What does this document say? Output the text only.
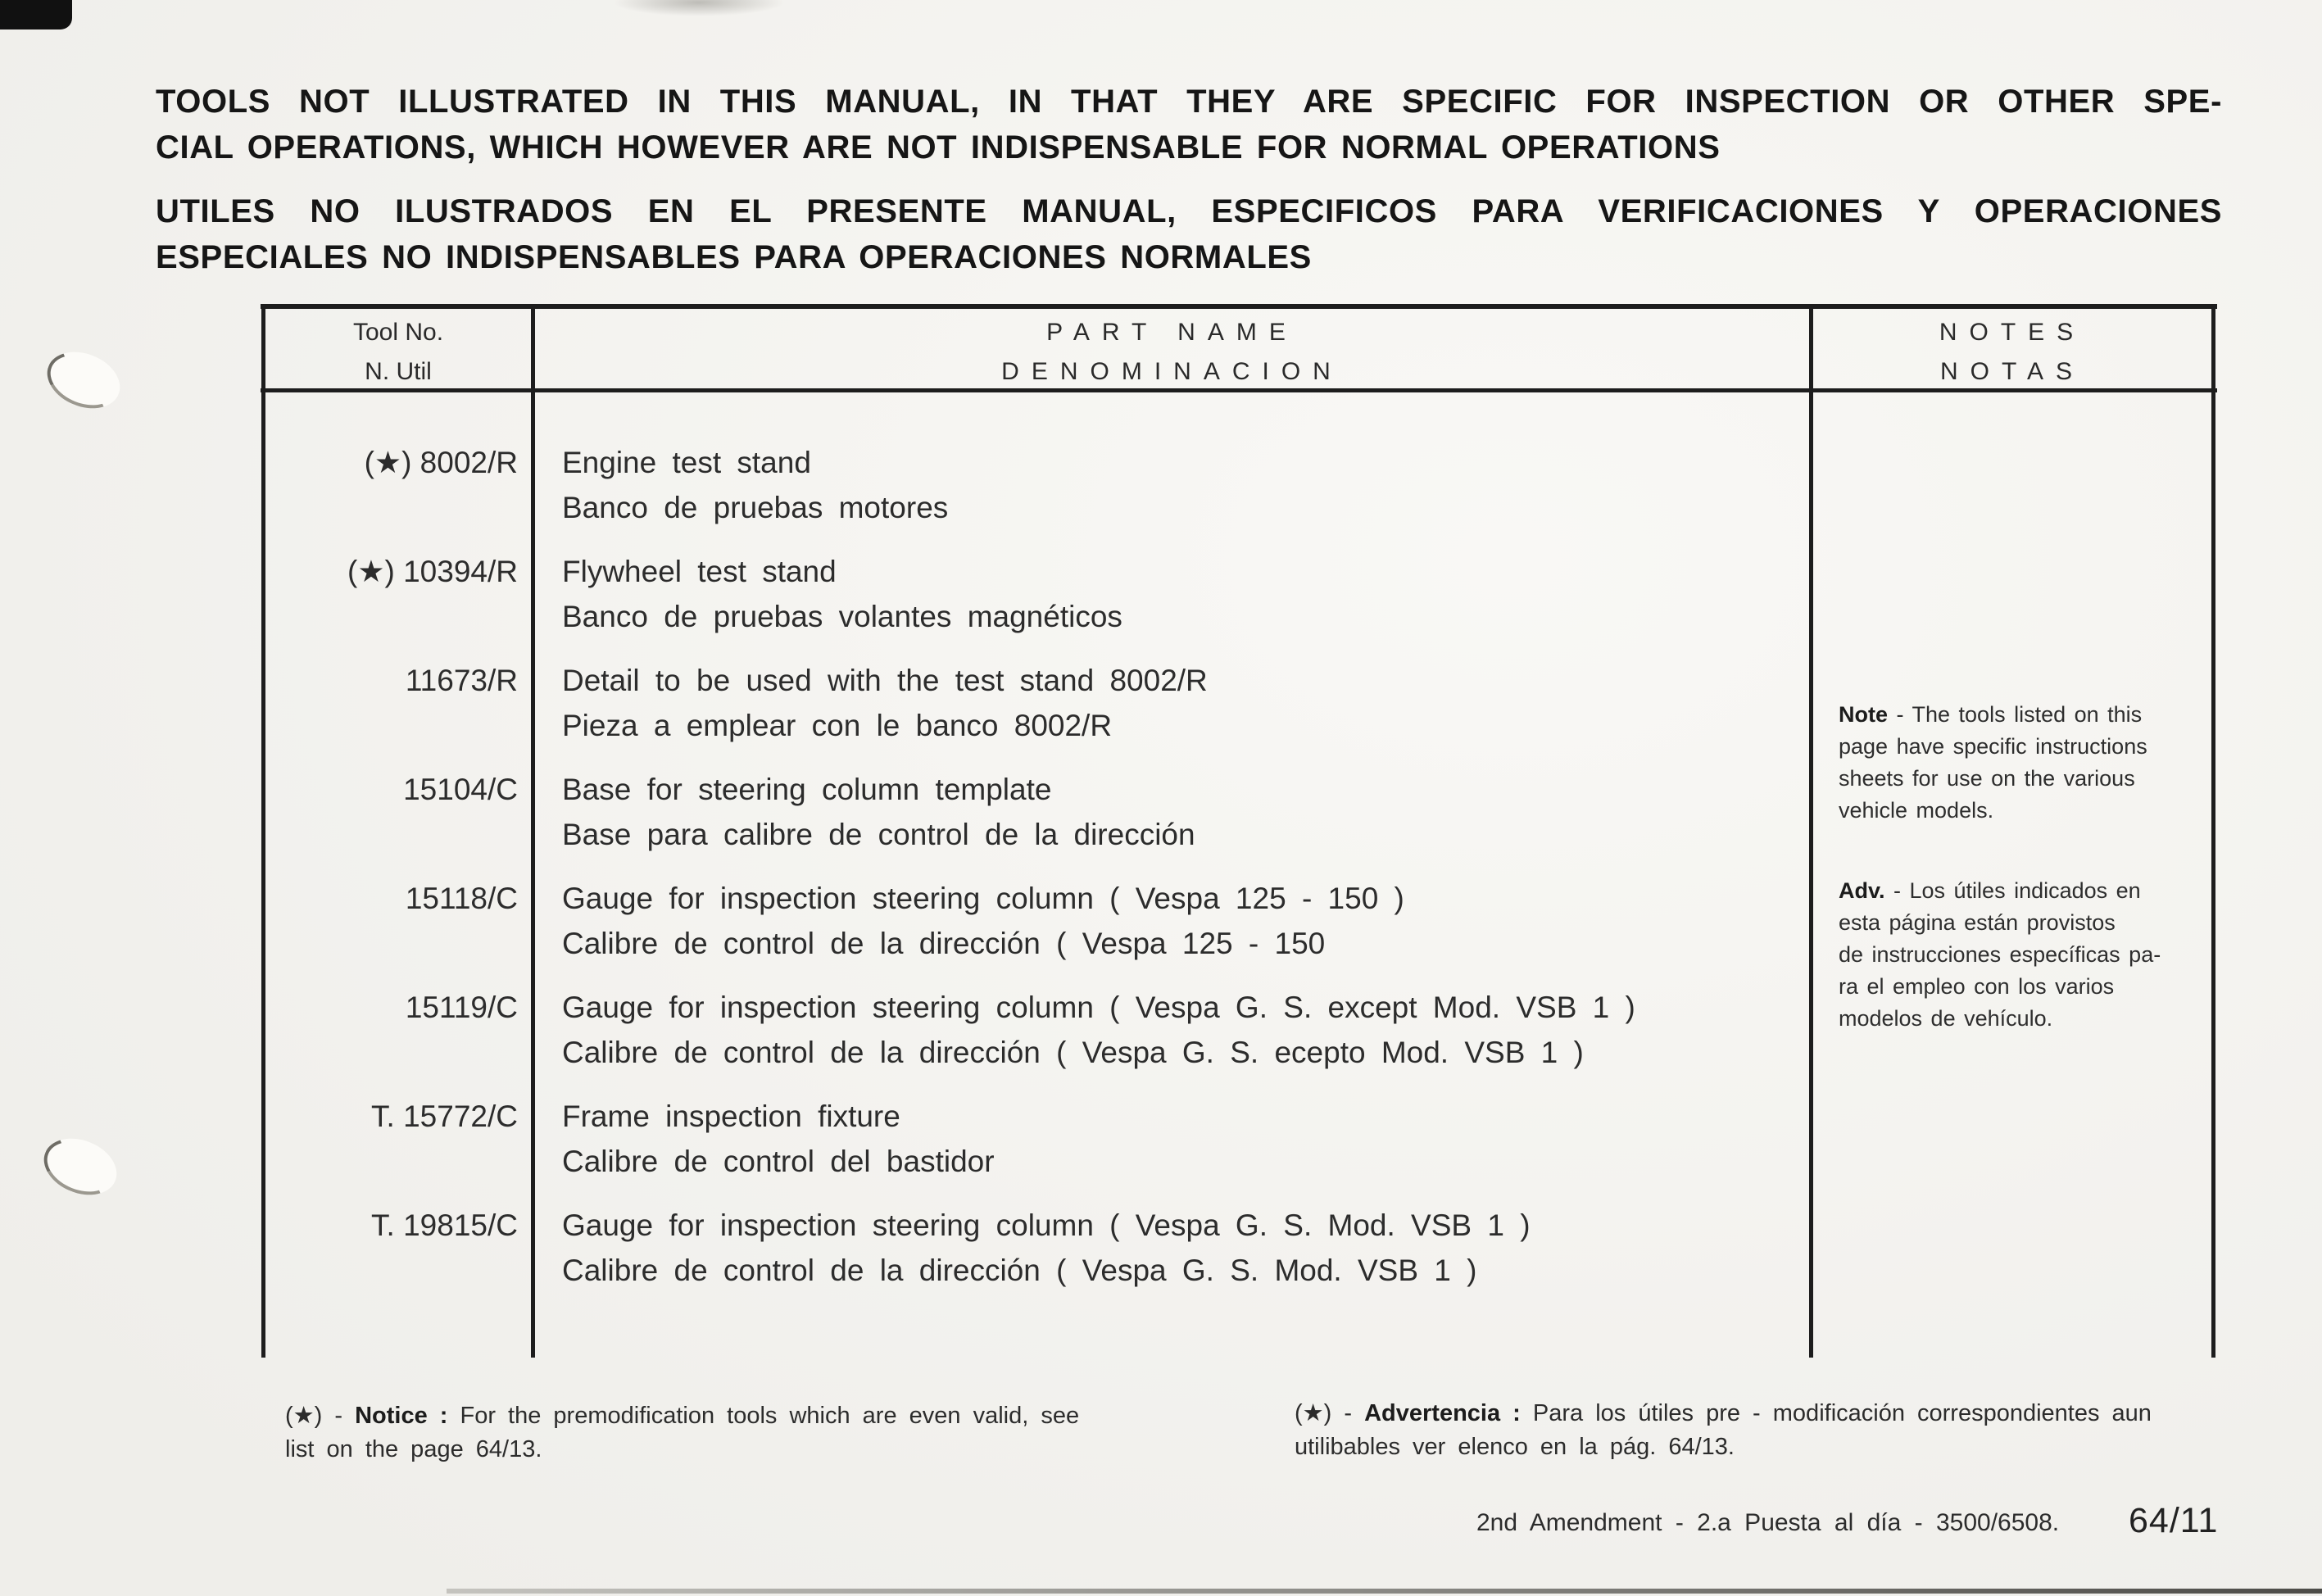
TOOLS NOT ILLUSTRATED IN THIS MANUAL, IN THAT THEY ARE SPECIFIC FOR INSPECTION OR OTHER SPE-
CIAL OPERATIONS, WHICH HOWEVER ARE NOT INDISPENSABLE FOR NORMAL OPERATIONS
UTILES NO ILUSTRADOS EN EL PRESENTE MANUAL, ESPECIFICOS PARA VERIFICACIONES Y OPERACIONES
ESPECIALES NO INDISPENSABLES PARA OPERACIONES NORMALES
Tool No.
N. Util
PART NAME
DENOMINACION
NOTES
NOTAS
(★) 8002/R Engine test stand
Banco de pruebas motores
(★) 10394/R Flywheel test stand
Banco de pruebas volantes magnéticos
11673/R Detail to be used with the test stand 8002/R
Pieza a emplear con le banco 8002/R
15104/C Base for steering column template
Base para calibre de control de la dirección
15118/C Gauge for inspection steering column ( Vespa 125 - 150 )
Calibre de control de la dirección ( Vespa 125 - 150
15119/C Gauge for inspection steering column ( Vespa G. S. except Mod. VSB 1 )
Calibre de control de la dirección ( Vespa G. S. ecepto Mod. VSB 1 )
T. 15772/C Frame inspection fixture
Calibre de control del bastidor
T. 19815/C Gauge for inspection steering column ( Vespa G. S. Mod. VSB 1 )
Calibre de control de la dirección ( Vespa G. S. Mod. VSB 1 )
Note - The tools listed on this
page have specific instructions
sheets for use on the various
vehicle models.
Adv. - Los útiles indicados en
esta página están provistos
de instrucciones específicas pa-
ra el empleo con los varios
modelos de vehículo.
(★) - Notice : For the premodification tools which are even valid, see
list on the page 64/13.
(★) - Advertencia : Para los útiles pre - modificación correspondientes aun
utilibables ver elenco en la pág. 64/13.
2nd Amendment - 2.a Puesta al día - 3500/6508. 64/11
